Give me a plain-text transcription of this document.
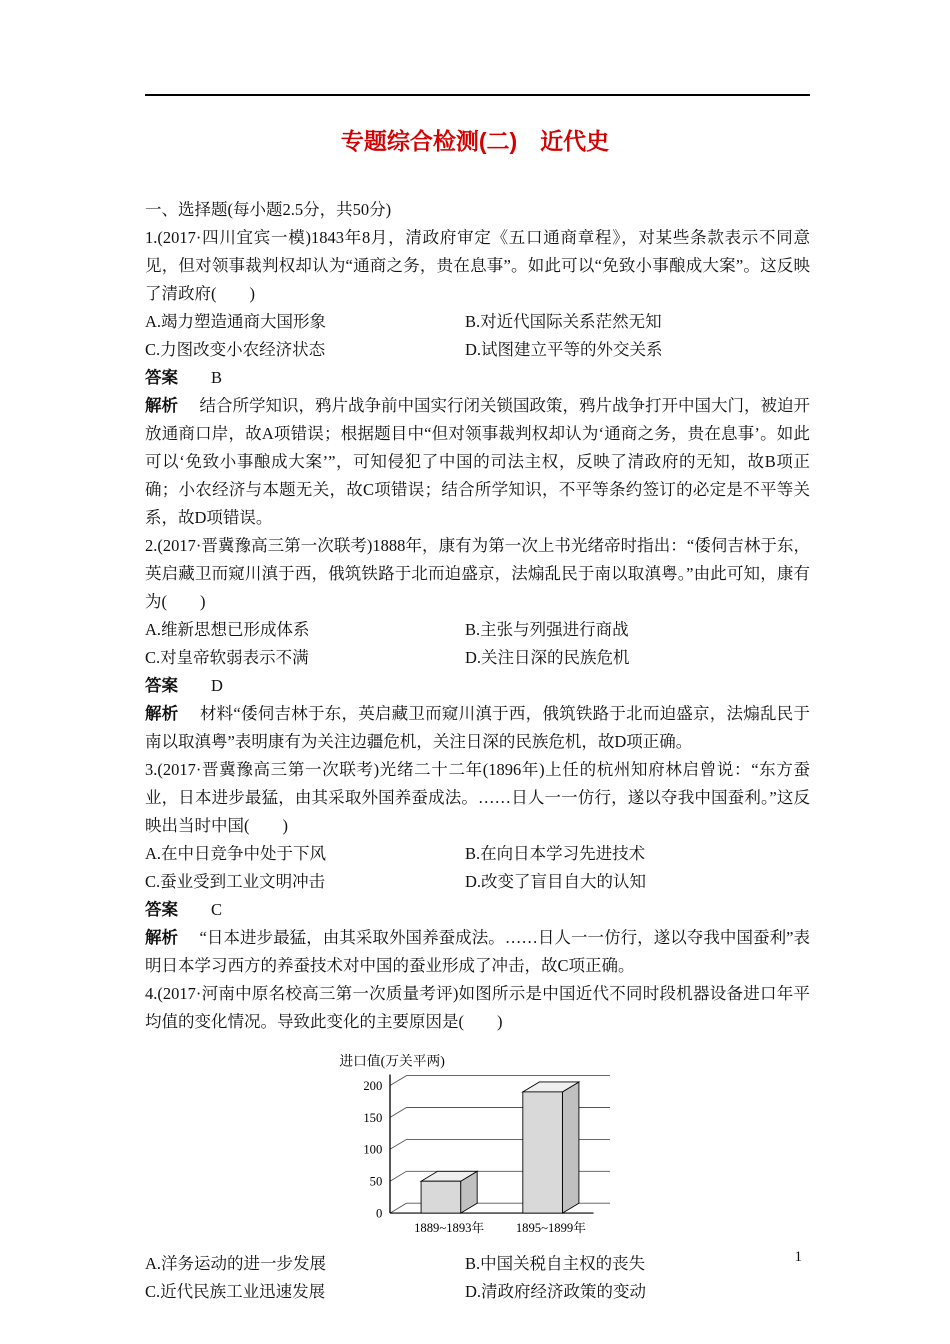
专题综合检测(二)　近代史

一、选择题(每小题2.5分，共50分)

1.(2017·四川宜宾一模)1843年8月，清政府审定《五口通商章程》，对某些条款表示不同意见，但对领事裁判权却认为“通商之务，贵在息事”。如此可以“免致小事酿成大案”。这反映了清政府(　　)

A.竭力塑造通商大国形象	B.对近代国际关系茫然无知
C.力图改变小农经济状态	D.试图建立平等的外交关系

答案 B

解析 结合所学知识，鸦片战争前中国实行闭关锁国政策，鸦片战争打开中国大门，被迫开放通商口岸，故A项错误；根据题目中“但对领事裁判权却认为‘通商之务，贵在息事’。如此可以‘免致小事酿成大案’”，可知侵犯了中国的司法主权，反映了清政府的无知，故B项正确；小农经济与本题无关，故C项错误；结合所学知识，不平等条约签订的必定是不平等关系，故D项错误。

2.(2017·晋冀豫高三第一次联考)1888年，康有为第一次上书光绪帝时指出：“倭伺吉林于东，英启藏卫而窥川滇于西，俄筑铁路于北而迫盛京，法煽乱民于南以取滇粤。”由此可知，康有为(　　)

A.维新思想已形成体系	B.主张与列强进行商战
C.对皇帝软弱表示不满	D.关注日深的民族危机

答案 D

解析 材料“倭伺吉林于东，英启藏卫而窥川滇于西，俄筑铁路于北而迫盛京，法煽乱民于南以取滇粤”表明康有为关注边疆危机，关注日深的民族危机，故D项正确。

3.(2017·晋冀豫高三第一次联考)光绪二十二年(1896年)上任的杭州知府林启曾说：“东方蚕业，日本进步最猛，由其采取外国养蚕成法。……日人一一仿行，遂以夺我中国蚕利。”这反映出当时中国(　　)

A.在中日竞争中处于下风	B.在向日本学习先进技术
C.蚕业受到工业文明冲击	D.改变了盲目自大的认知

答案 C

解析 “日本进步最猛，由其采取外国养蚕成法。……日人一一仿行，遂以夺我中国蚕利”表明日本学习西方的养蚕技术对中国的蚕业形成了冲击，故C项正确。

4.(2017·河南中原名校高三第一次质量考评)如图所示是中国近代不同时段机器设备进口年平均值的变化情况。导致此变化的主要原因是(　　)

进口值(万关平两)
0
50
100
150
200
1889~1893年	1895~1899年
A.洋务运动的进一步发展	B.中国关税自主权的丧失
C.近代民族工业迅速发展	D.清政府经济政策的变动
1
